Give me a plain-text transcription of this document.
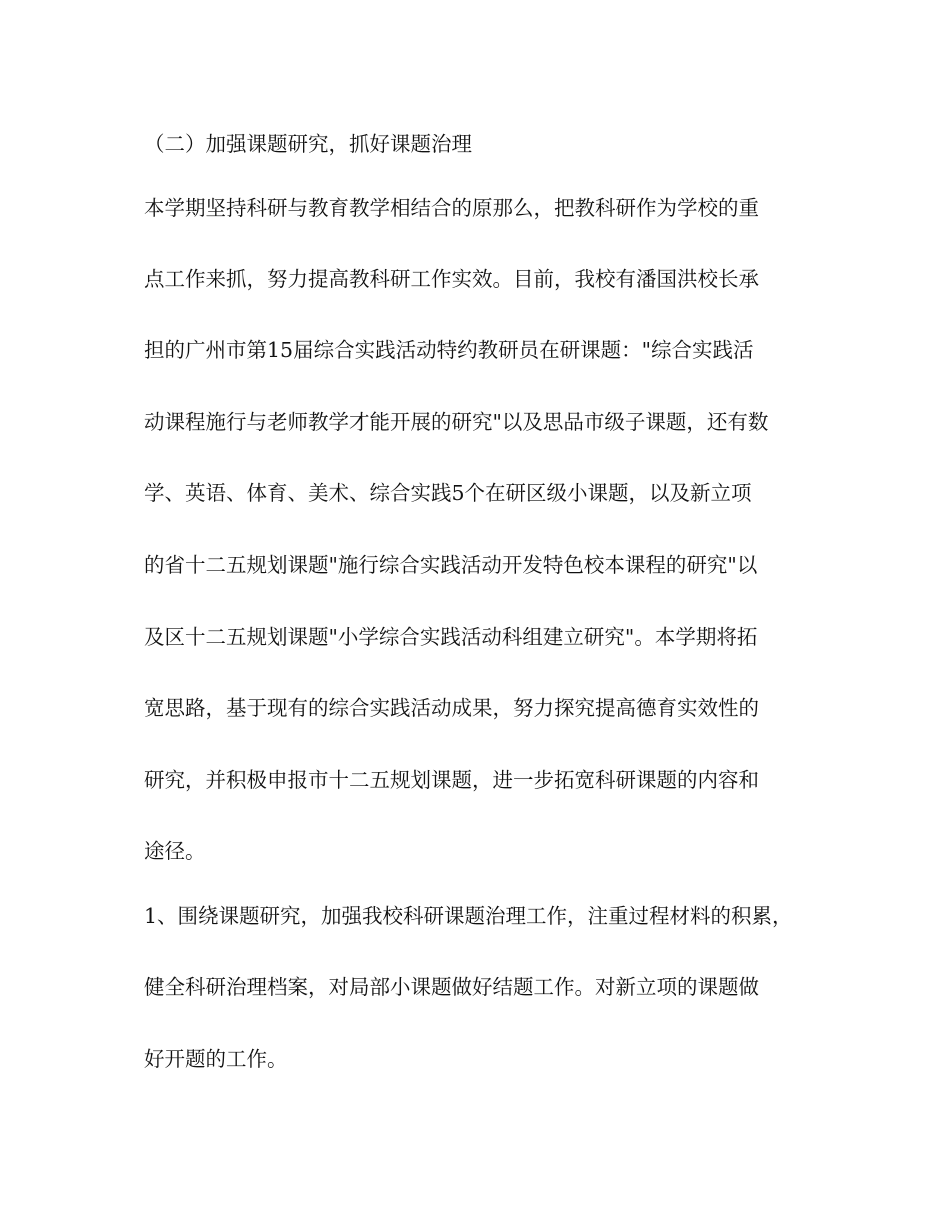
（二）加强课题研究，抓好课题治理
本学期坚持科研与教育教学相结合的原那么，把教科研作为学校的重
点工作来抓，努力提高教科研工作实效。目前，我校有潘国洪校长承
担的广州市第15届综合实践活动特约教研员在研课题："综合实践活
动课程施行与老师教学才能开展的研究"以及思品市级子课题，还有数
学、英语、体育、美术、综合实践5个在研区级小课题，以及新立项
的省十二五规划课题"施行综合实践活动开发特色校本课程的研究"以
及区十二五规划课题"小学综合实践活动科组建立研究"。本学期将拓
宽思路，基于现有的综合实践活动成果，努力探究提高德育实效性的
研究，并积极申报市十二五规划课题，进一步拓宽科研课题的内容和
途径。
1、围绕课题研究，加强我校科研课题治理工作，注重过程材料的积累，
健全科研治理档案，对局部小课题做好结题工作。对新立项的课题做
好开题的工作。
